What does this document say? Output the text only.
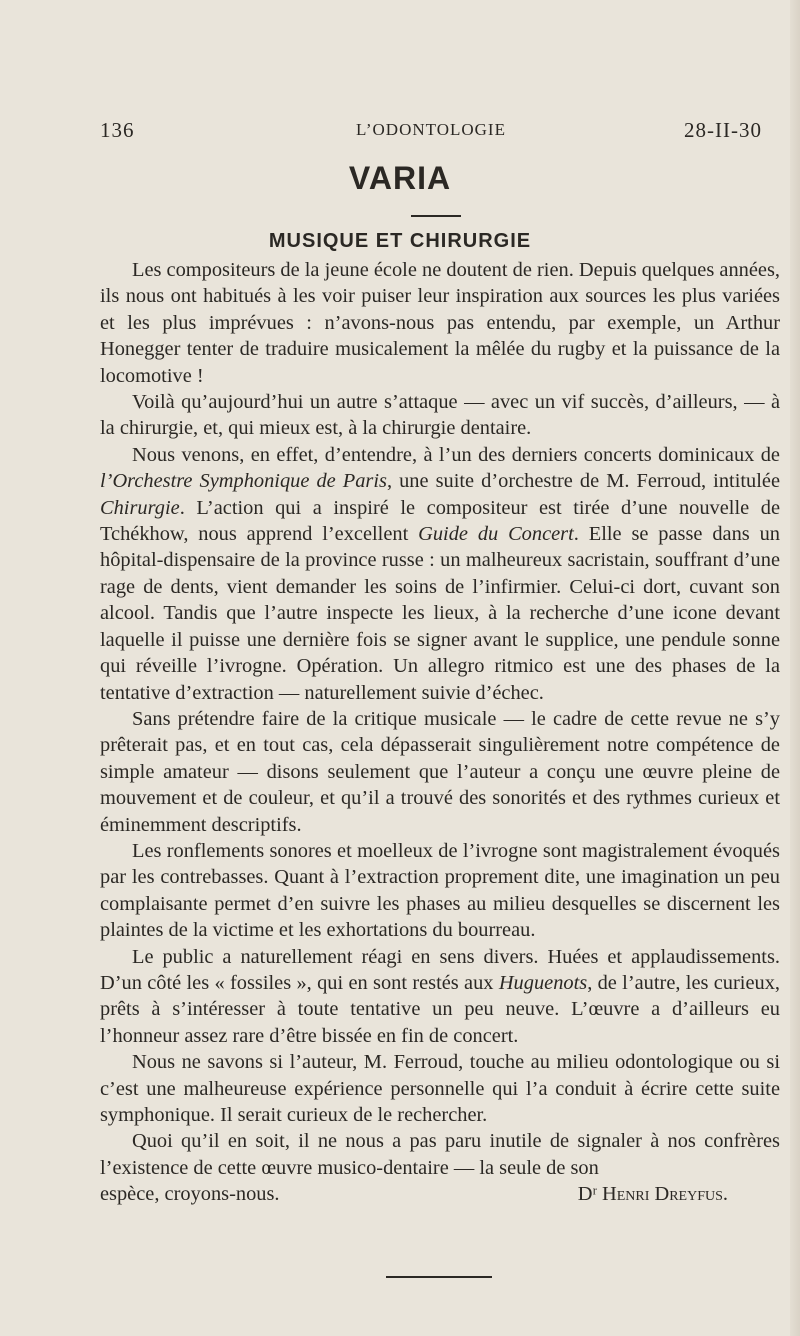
136	L’ODONTOLOGIE	28-II-30
VARIA
MUSIQUE ET CHIRURGIE

Les compositeurs de la jeune école ne doutent de rien. Depuis quelques années, ils nous ont habitués à les voir puiser leur inspiration aux sources les plus variées et les plus imprévues : n’avons-nous pas entendu, par exemple, un Arthur Honegger tenter de traduire musicalement la mêlée du rugby et la puissance de la locomotive !

Voilà qu’aujourd’hui un autre s’attaque — avec un vif succès, d’ailleurs, — à la chirurgie, et, qui mieux est, à la chirurgie dentaire.

Nous venons, en effet, d’entendre, à l’un des derniers concerts dominicaux de l’Orchestre Symphonique de Paris, une suite d’orchestre de M. Ferroud, intitulée Chirurgie. L’action qui a inspiré le compositeur est tirée d’une nouvelle de Tchékhow, nous apprend l’excellent Guide du Concert. Elle se passe dans un hôpital-dispensaire de la province russe : un malheureux sacristain, souffrant d’une rage de dents, vient demander les soins de l’infirmier. Celui-ci dort, cuvant son alcool. Tandis que l’autre inspecte les lieux, à la recherche d’une icone devant laquelle il puisse une dernière fois se signer avant le supplice, une pendule sonne qui réveille l’ivrogne. Opération. Un allegro ritmico est une des phases de la tentative d’extraction — naturellement suivie d’échec.

Sans prétendre faire de la critique musicale — le cadre de cette revue ne s’y prêterait pas, et en tout cas, cela dépasserait singulièrement notre compétence de simple amateur — disons seulement que l’auteur a conçu une œuvre pleine de mouvement et de couleur, et qu’il a trouvé des sonorités et des rythmes curieux et éminemment descriptifs.

Les ronflements sonores et moelleux de l’ivrogne sont magistralement évoqués par les contrebasses. Quant à l’extraction proprement dite, une imagination un peu complaisante permet d’en suivre les phases au milieu desquelles se discernent les plaintes de la victime et les exhortations du bourreau.

Le public a naturellement réagi en sens divers. Huées et applaudissements. D’un côté les « fossiles », qui en sont restés aux Huguenots, de l’autre, les curieux, prêts à s’intéresser à toute tentative un peu neuve. L’œuvre a d’ailleurs eu l’honneur assez rare d’être bissée en fin de concert.

Nous ne savons si l’auteur, M. Ferroud, touche au milieu odontologique ou si c’est une malheureuse expérience personnelle qui l’a conduit à écrire cette suite symphonique. Il serait curieux de le rechercher.

Quoi qu’il en soit, il ne nous a pas paru inutile de signaler à nos confrères l’existence de cette œuvre musico-dentaire — la seule de son

espèce, croyons-nous.	Dʳ Henri Dreyfus.
